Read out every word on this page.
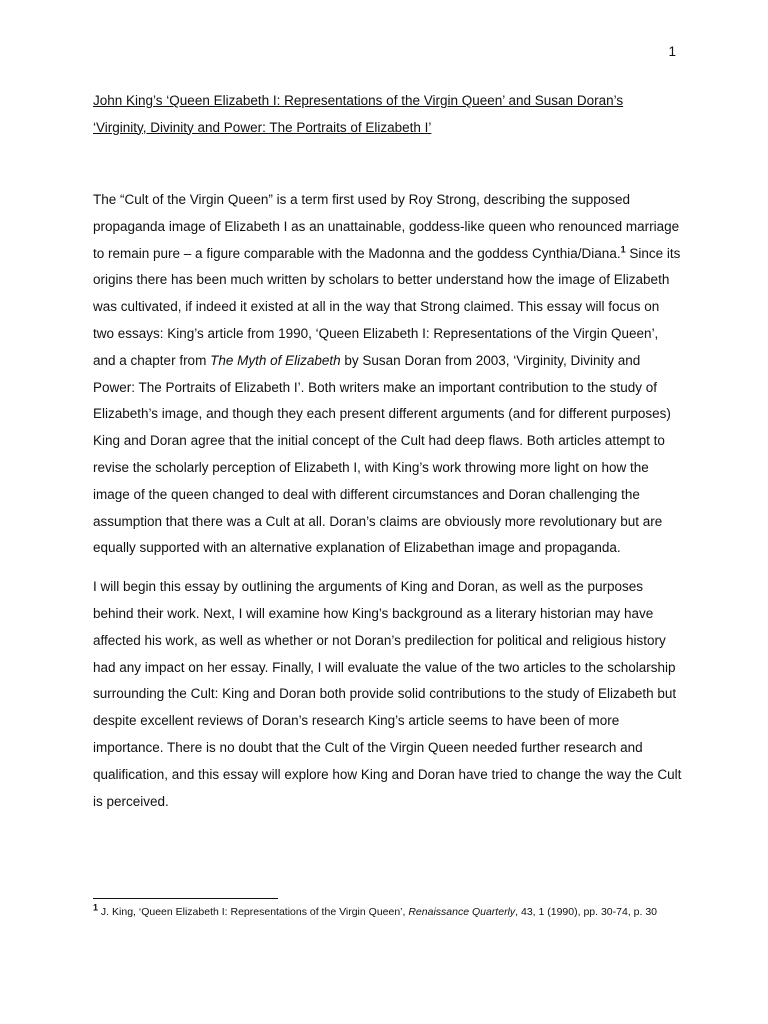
1
John King’s ‘Queen Elizabeth I: Representations of the Virgin Queen’ and Susan Doran’s
‘Virginity, Divinity and Power: The Portraits of Elizabeth I’

The “Cult of the Virgin Queen” is a term first used by Roy Strong, describing the supposed propaganda image of Elizabeth I as an unattainable, goddess-like queen who renounced marriage to remain pure – a figure comparable with the Madonna and the goddess Cynthia/Diana.$^1$ Since its origins there has been much written by scholars to better understand how the image of Elizabeth was cultivated, if indeed it existed at all in the way that Strong claimed. This essay will focus on two essays: King’s article from 1990, ‘Queen Elizabeth I: Representations of the Virgin Queen’, and a chapter from The Myth of Elizabeth by Susan Doran from 2003, ‘Virginity, Divinity and Power: The Portraits of Elizabeth I’. Both writers make an important contribution to the study of Elizabeth’s image, and though they each present different arguments (and for different purposes) King and Doran agree that the initial concept of the Cult had deep flaws. Both articles attempt to revise the scholarly perception of Elizabeth I, with King’s work throwing more light on how the image of the queen changed to deal with different circumstances and Doran challenging the assumption that there was a Cult at all. Doran’s claims are obviously more revolutionary but are equally supported with an alternative explanation of Elizabethan image and propaganda.

I will begin this essay by outlining the arguments of King and Doran, as well as the purposes behind their work. Next, I will examine how King’s background as a literary historian may have affected his work, as well as whether or not Doran’s predilection for political and religious history had any impact on her essay. Finally, I will evaluate the value of the two articles to the scholarship surrounding the Cult: King and Doran both provide solid contributions to the study of Elizabeth but despite excellent reviews of Doran’s research King’s article seems to have been of more importance. There is no doubt that the Cult of the Virgin Queen needed further research and qualification, and this essay will explore how King and Doran have tried to change the way the Cult is perceived.

$^1$ J. King, ‘Queen Elizabeth I: Representations of the Virgin Queen’, Renaissance Quarterly, 43, 1 (1990), pp. 30-74, p. 30
